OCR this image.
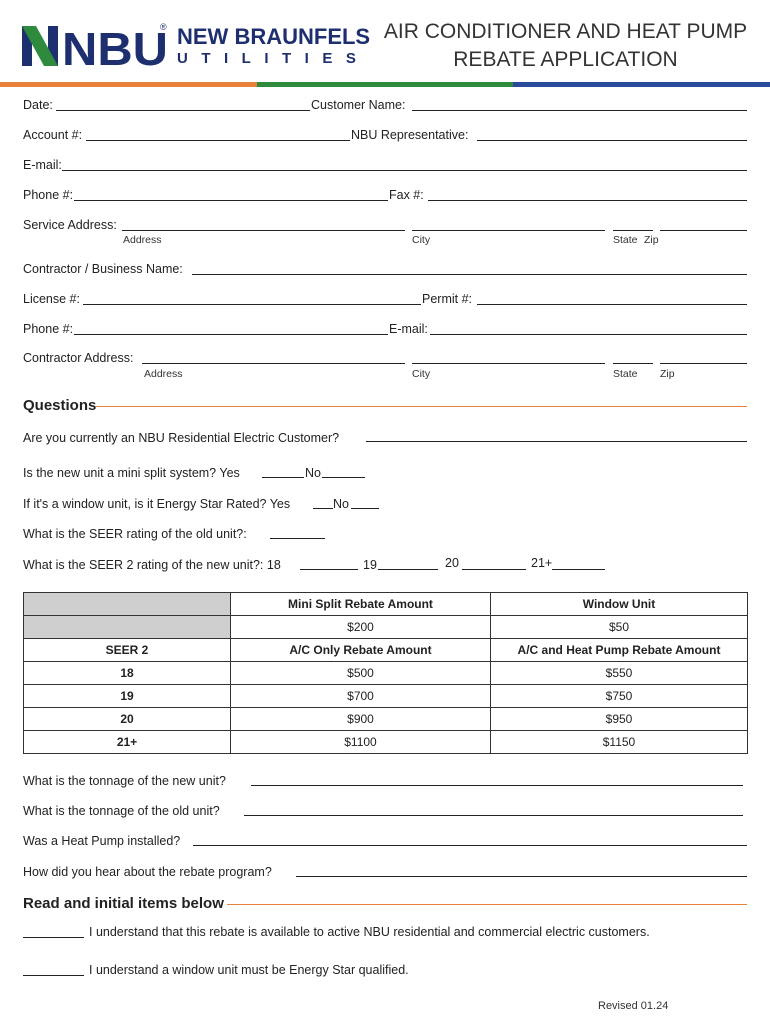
NBU
® NEW BRAUNFELS
UTILITIES
AIR CONDITIONER AND HEAT PUMP
REBATE APPLICATION
Date:	Customer Name:
Account #:	NBU Representative:
E-mail:
Phone #:	Fax #:
Service Address:
Address	City	State Zip
Contractor / Business Name:
License #:	Permit #:
Phone #:	E-mail:
Contractor Address:
Address	City	State Zip
Questions
Are you currently an NBU Residential Electric Customer?
Is the new unit a mini split system? Yes	No
If it's a window unit, is it Energy Star Rated? Yes	No
What is the SEER rating of the old unit?:
What is the SEER 2 rating of the new unit?: 18	19	20	21+
	Mini Split Rebate Amount	Window Unit
	$200	$50
SEER 2	A/C Only Rebate Amount	A/C and Heat Pump Rebate Amount
18	$500	$550
19	$700	$750
20	$900	$950
21+	$1100	$1150
What is the tonnage of the new unit?
What is the tonnage of the old unit?
Was a Heat Pump installed?
How did you hear about the rebate program?
Read and initial items below
I understand that this rebate is available to active NBU residential and commercial electric customers.
I understand a window unit must be Energy Star qualified.
Revised 01.24
